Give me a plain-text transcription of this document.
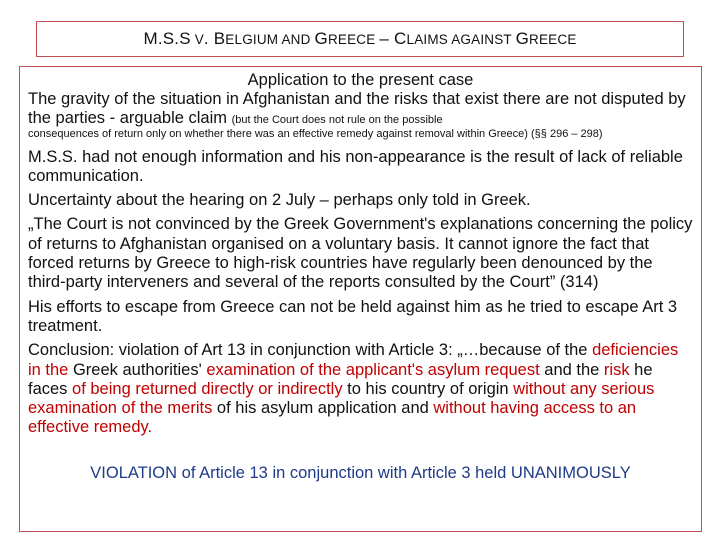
M.S.S V. BELGIUM AND GREECE – CLAIMS AGAINST GREECE
Application to the present case

The gravity of the situation in Afghanistan and the risks that exist there are not disputed by the parties - arguable claim (but the Court does not rule on the possible

consequences of return only on whether there was an effective remedy against removal within Greece) (§§ 296 – 298)

M.S.S. had not enough information and his non-appearance is the result of lack of reliable communication.

Uncertainty about the hearing on 2 July – perhaps only told in Greek.

„The Court is not convinced by the Greek Government's explanations concerning the policy of returns to Afghanistan organised on a voluntary basis. It cannot ignore the fact that forced returns by Greece to high-risk countries have regularly been denounced by the third-party interveners and several of the reports consulted by the Court” (314)

His efforts to escape from Greece can not be held against him as he tried to escape Art 3 treatment.

Conclusion: violation of Art 13 in conjunction with Article 3: „…because of the deficiencies in the Greek authorities' examination of the applicant's asylum request and the risk he faces of being returned directly or indirectly to his country of origin without any serious examination of the merits of his asylum application and without having access to an effective remedy.

VIOLATION of Article 13 in conjunction with Article 3 held UNANIMOUSLY
